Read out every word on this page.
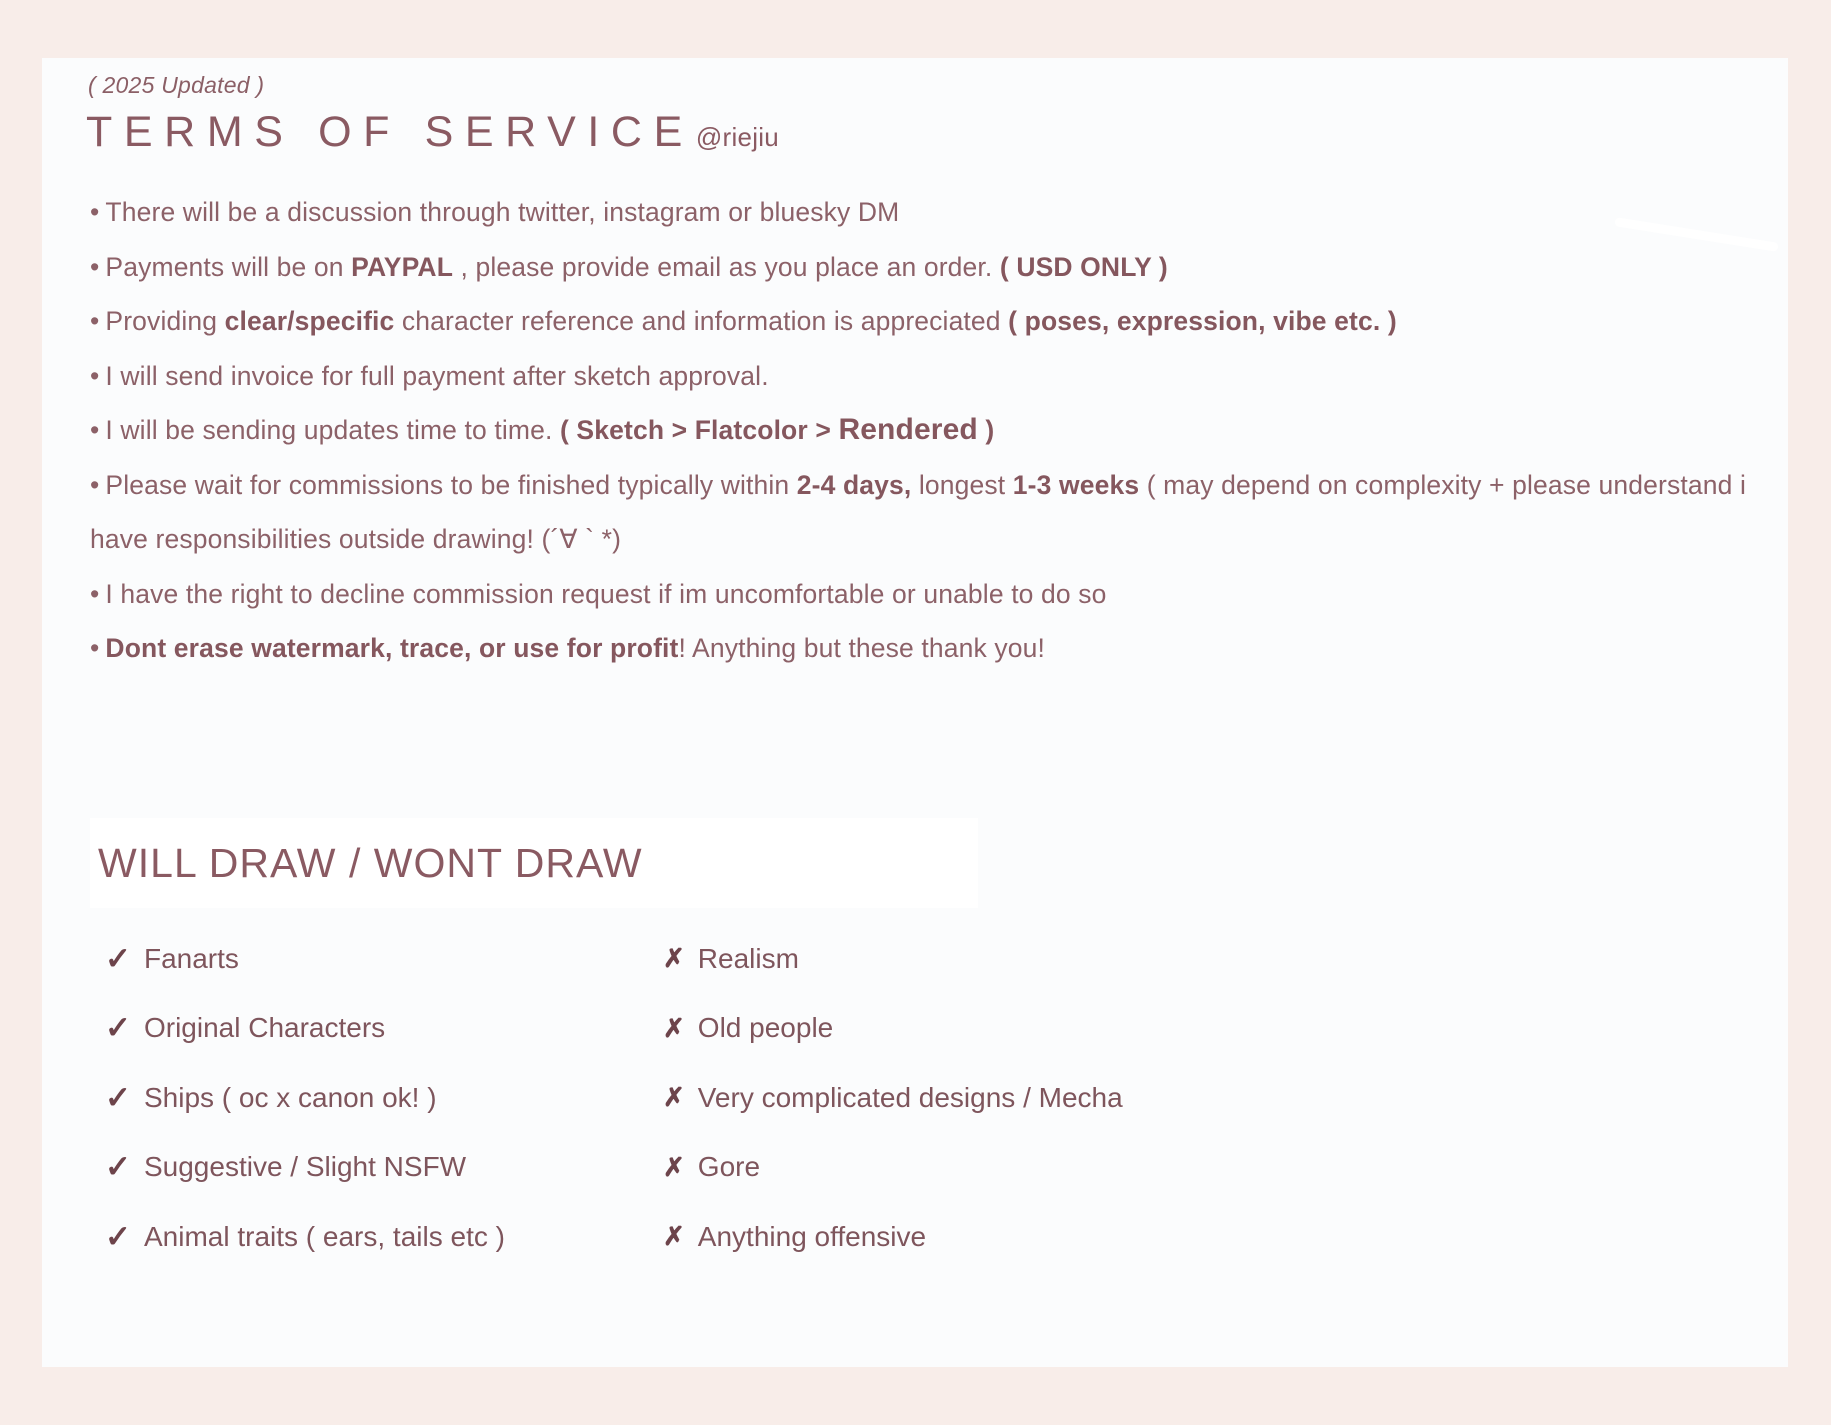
( 2025 Updated )
TERMS OF SERVICE@riejiu

• There will be a discussion through twitter, instagram or bluesky DM

• Payments will be on PAYPAL , please provide email as you place an order. ( USD ONLY )

• Providing clear/specific character reference and information is appreciated ( poses, expression, vibe etc. )

• I will send invoice for full payment after sketch approval.

• I will be sending updates time to time. ( Sketch > Flatcolor > Rendered )

• Please wait for commissions to be finished typically within 2-4 days, longest 1-3 weeks ( may depend on complexity + please understand i have responsibilities outside drawing! (´∀ ` *)

• I have the right to decline commission request if im uncomfortable or unable to do so

• Dont erase watermark, trace, or use for profit! Anything but these thank you!

WILL DRAW / WONT DRAW
✓ Fanarts
✓ Original Characters
✓ Ships ( oc x canon ok! )
✓ Suggestive / Slight NSFW
✓ Animal traits ( ears, tails etc )
✗ Realism
✗ Old people
✗ Very complicated designs / Mecha
✗ Gore
✗ Anything offensive
